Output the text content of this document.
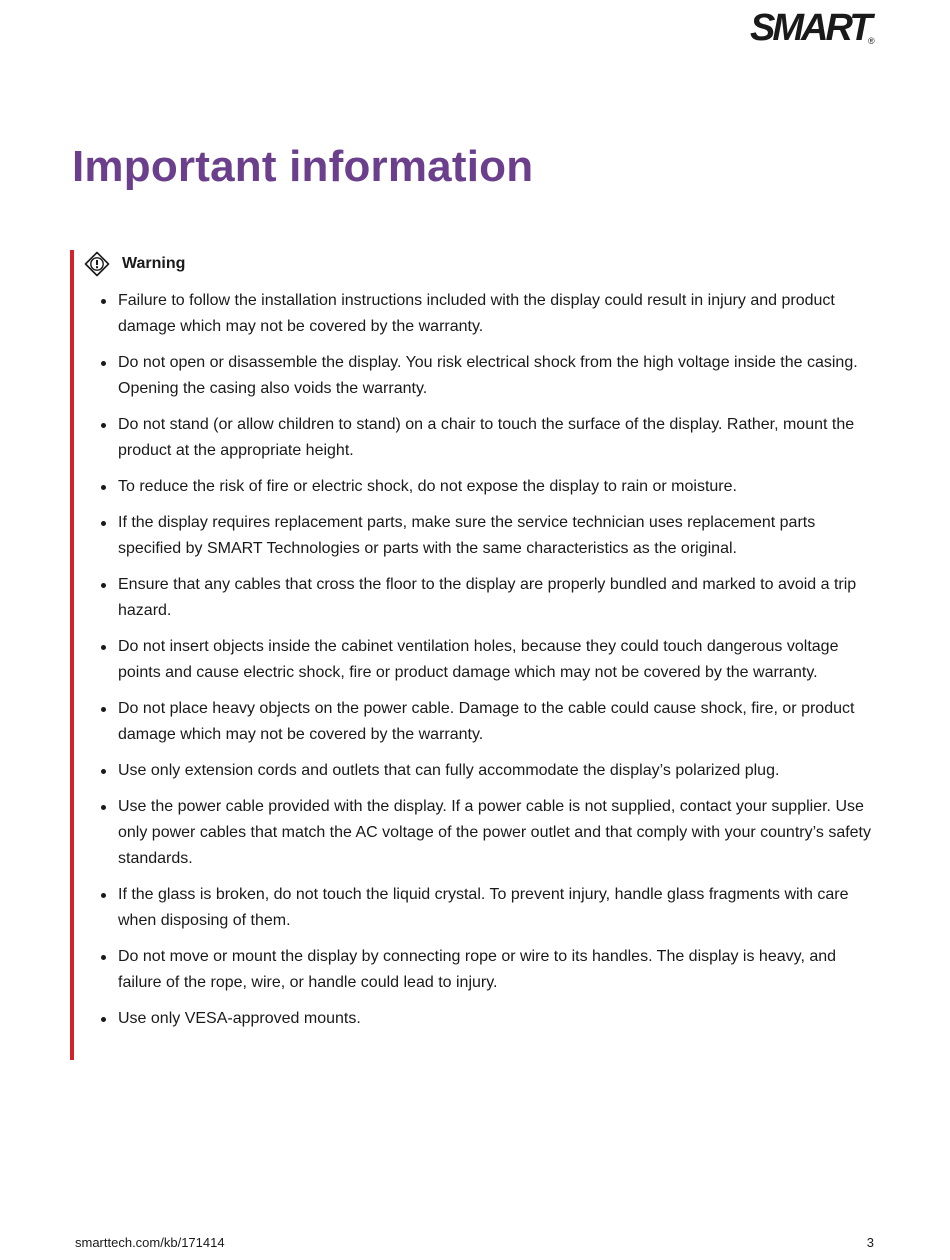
SMART
®
Important information
Warning
Failure to follow the installation instructions included with the display could result in injury and product damage which may not be covered by the warranty.
Do not open or disassemble the display. You risk electrical shock from the high voltage inside the casing. Opening the casing also voids the warranty.
Do not stand (or allow children to stand) on a chair to touch the surface of the display. Rather, mount the product at the appropriate height.
To reduce the risk of fire or electric shock, do not expose the display to rain or moisture.
If the display requires replacement parts, make sure the service technician uses replacement parts specified by SMART Technologies or parts with the same characteristics as the original.
Ensure that any cables that cross the floor to the display are properly bundled and marked to avoid a trip hazard.
Do not insert objects inside the cabinet ventilation holes, because they could touch dangerous voltage points and cause electric shock, fire or product damage which may not be covered by the warranty.
Do not place heavy objects on the power cable. Damage to the cable could cause shock, fire, or product damage which may not be covered by the warranty.
Use only extension cords and outlets that can fully accommodate the display’s polarized plug.
Use the power cable provided with the display. If a power cable is not supplied, contact your supplier. Use only power cables that match the AC voltage of the power outlet and that comply with your country’s safety standards.
If the glass is broken, do not touch the liquid crystal. To prevent injury, handle glass fragments with care when disposing of them.
Do not move or mount the display by connecting rope or wire to its handles. The display is heavy, and failure of the rope, wire, or handle could lead to injury.
Use only VESA-approved mounts.
smarttech.com/kb/171414	3
